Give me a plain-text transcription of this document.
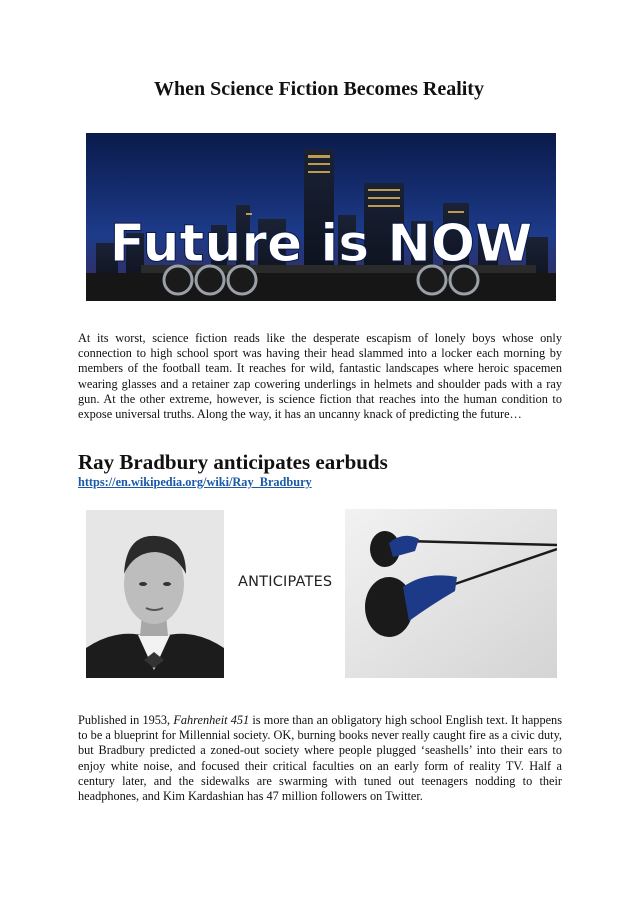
When Science Fiction Becomes Reality
Future is NOW

At its worst, science fiction reads like the desperate escapism of lonely boys whose only connection to high school sport was having their head slammed into a locker each morning by members of the football team. It reaches for wild, fantastic landscapes where heroic spacemen wearing glasses and a retainer zap cowering underlings in helmets and shoulder pads with a ray gun. At the other extreme, however, is science fiction that reaches into the human condition to expose universal truths. Along the way, it has an uncanny knack of predicting the future…

Ray Bradbury anticipates earbuds
https://en.wikipedia.org/wiki/Ray_Bradbury
ANTICIPATES

Published in 1953, Fahrenheit 451 is more than an obligatory high school English text. It happens to be a blueprint for Millennial society. OK, burning books never really caught fire as a civic duty, but Bradbury predicted a zoned-out society where people plugged ‘seashells’ into their ears to enjoy white noise, and focused their critical faculties on an early form of reality TV. Half a century later, and the sidewalks are swarming with tuned out teenagers nodding to their headphones, and Kim Kardashian has 47 million followers on Twitter.
